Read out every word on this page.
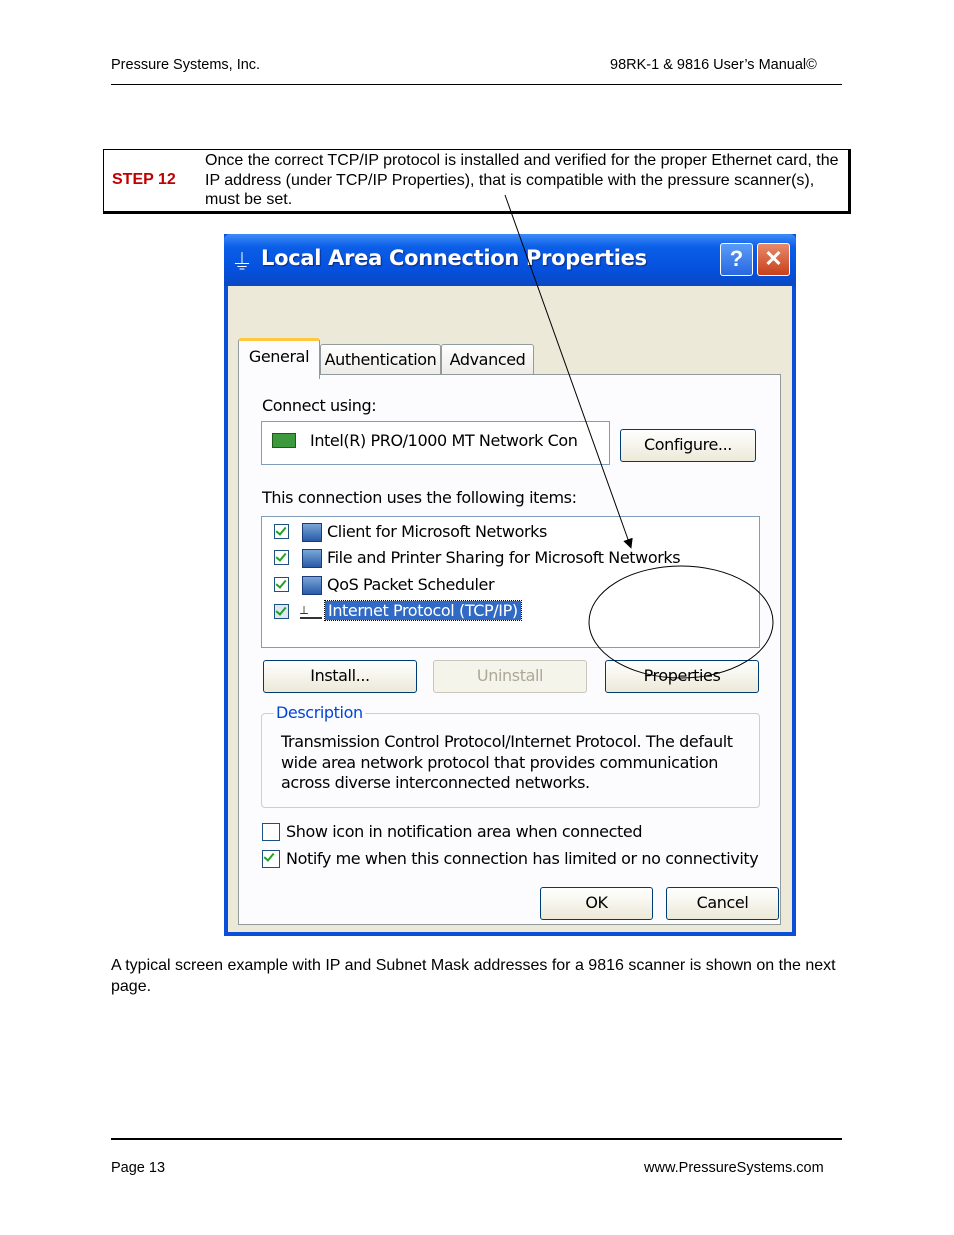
Pressure Systems, Inc.	98RK-1 & 9816 User’s Manual©
STEP 12
Once the correct TCP/IP protocol is installed and verified for the proper Ethernet card, the IP address (under TCP/IP Properties), that is compatible with the pressure scanner(s), must be set.
⏚ Local Area Connection Properties	? ✕
General Authentication Advanced
Connect using:
Intel(R) PRO/1000 MT Network Con	Configure...
This connection uses the following items:
Client for Microsoft Networks
File and Printer Sharing for Microsoft Networks
QoS Packet Scheduler
⟂	Internet Protocol (TCP/IP)
Install...	Uninstall	Properties
Description
Transmission Control Protocol/Internet Protocol. The default wide area network protocol that provides communication across diverse interconnected networks.
Show icon in notification area when connected
Notify me when this connection has limited or no connectivity
OK	Cancel
A typical screen example with IP and Subnet Mask addresses for a 9816 scanner is shown on the next page.
Page 13	www.PressureSystems.com
